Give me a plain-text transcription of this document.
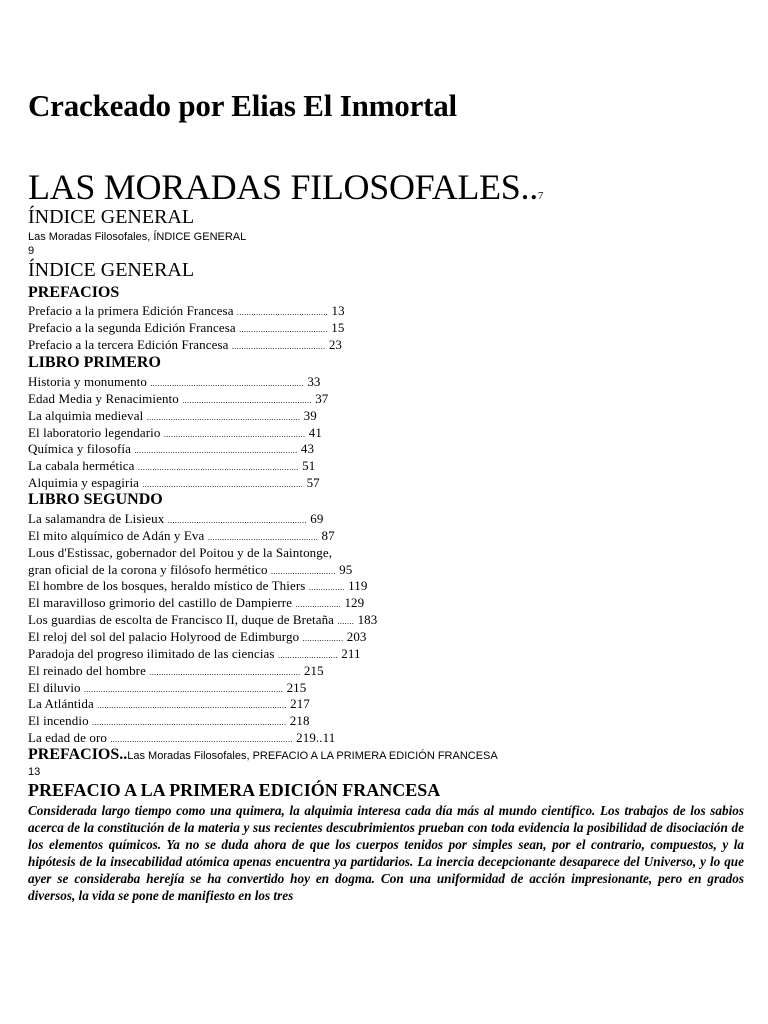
Crackeado por Elias El Inmortal
LAS MORADAS FILOSOFALES..7
ÍNDICE GENERAL
Las Moradas Filosofales, ÍNDICE GENERAL
9
ÍNDICE GENERAL
PREFACIOS
Prefacio a la primera Edición Francesa ...................................... 13
Prefacio a la segunda Edición Francesa ..................................... 15
Prefacio a la tercera Edición Francesa ....................................... 23
LIBRO PRIMERO
Historia y monumento ................................................................ 33
Edad Media y Renacimiento ...................................................... 37
La alquimia medieval ................................................................ 39
El laboratorio legendario ........................................................... 41
Química y filosofía .................................................................... 43
La cabala hermética ................................................................... 51
Alquimia y espagiria ................................................................... 57
LIBRO SEGUNDO
La salamandra de Lisieux .......................................................... 69
El mito alquímico de Adán y Eva .............................................. 87
Lous d'Estissac, gobernador del Poitou y de la Saintonge,
gran oficial de la corona y filósofo hermético ........................... 95
El hombre de los bosques, heraldo místico de Thiers ............... 119
El maravilloso grimorio del castillo de Dampierre ................... 129
Los guardias de escolta de Francisco II, duque de Bretaña ....... 183
El reloj del sol del palacio Holyrood de Edimburgo ................. 203
Paradoja del progreso ilimitado de las ciencias ......................... 211
El reinado del hombre ............................................................... 215
El diluvio ................................................................................... 215
La Atlántida ............................................................................... 217
El incendio ................................................................................. 218
La edad de oro ............................................................................ 219..11
PREFACIOS..Las Moradas Filosofales, PREFACIO A LA PRIMERA EDICIÓN FRANCESA
13
PREFACIO A LA PRIMERA EDICIÓN FRANCESA
Considerada largo tiempo como una quimera, la alquimia interesa cada día más al mundo científico. Los trabajos de los sabios acerca de la constitución de la materia y sus recientes descubrimientos prueban con toda evidencia la posibilidad de disociación de los elementos químicos. Ya no se duda ahora de que los cuerpos tenidos por simples sean, por el contrario, compuestos, y la hipótesis de la insecabilidad atómica apenas encuentra ya partidarios. La inercia decepcionante desaparece del Universo, y lo que ayer se consideraba herejía se ha convertido hoy en dogma. Con una uniformidad de acción impresionante, pero en grados diversos, la vida se pone de manifiesto en los tres
